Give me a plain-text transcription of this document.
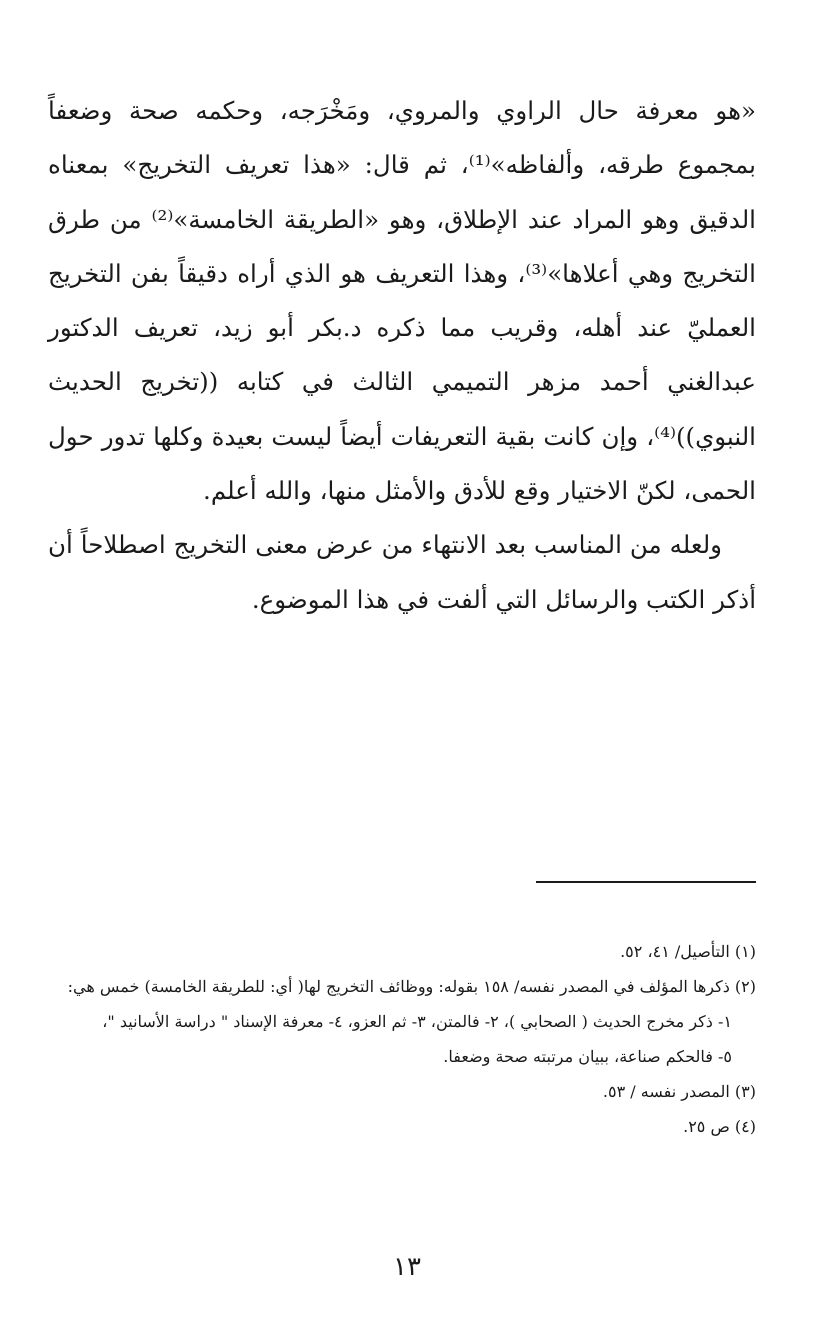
«هو معرفة حال الراوي والمروي، ومَخْرَجه، وحكمه صحة وضعفاً بمجموع طرقه، وألفاظه»⁽¹⁾، ثم قال: «هذا تعريف التخريج» بمعناه الدقيق وهو المراد عند الإطلاق، وهو «الطريقة الخامسة»⁽²⁾ من طرق التخريج وهي أعلاها»⁽³⁾، وهذا التعريف هو الذي أراه دقيقاً بفن التخريج العمليّ عند أهله، وقريب مما ذكره د.بكر أبو زيد، تعريف الدكتور عبدالغني أحمد مزهر التميمي الثالث في كتابه ((تخريج الحديث النبوي))⁽⁴⁾، وإن كانت بقية التعريفات أيضاً ليست بعيدة وكلها تدور حول الحمى، لكنّ الاختيار وقع للأدق والأمثل منها، والله أعلم.

ولعله من المناسب بعد الانتهاء من عرض معنى التخريج اصطلاحاً أن أذكر الكتب والرسائل التي ألفت في هذا الموضوع.

(١) التأصيل/ ٤١، ٥٢.

(٢) ذكرها المؤلف في المصدر نفسه/ ١٥٨ بقوله: ووظائف التخريج لها( أي: للطريقة الخامسة) خمس هي:

١- ذكر مخرج الحديث ( الصحابي )، ٢- فالمتن، ٣- ثم العزو، ٤- معرفة الإسناد " دراسة الأسانيد "،

٥- فالحكم صناعة، ببيان مرتبته صحة وضعفا.

(٣) المصدر نفسه / ٥٣.

(٤) ص ٢٥.

١٣
